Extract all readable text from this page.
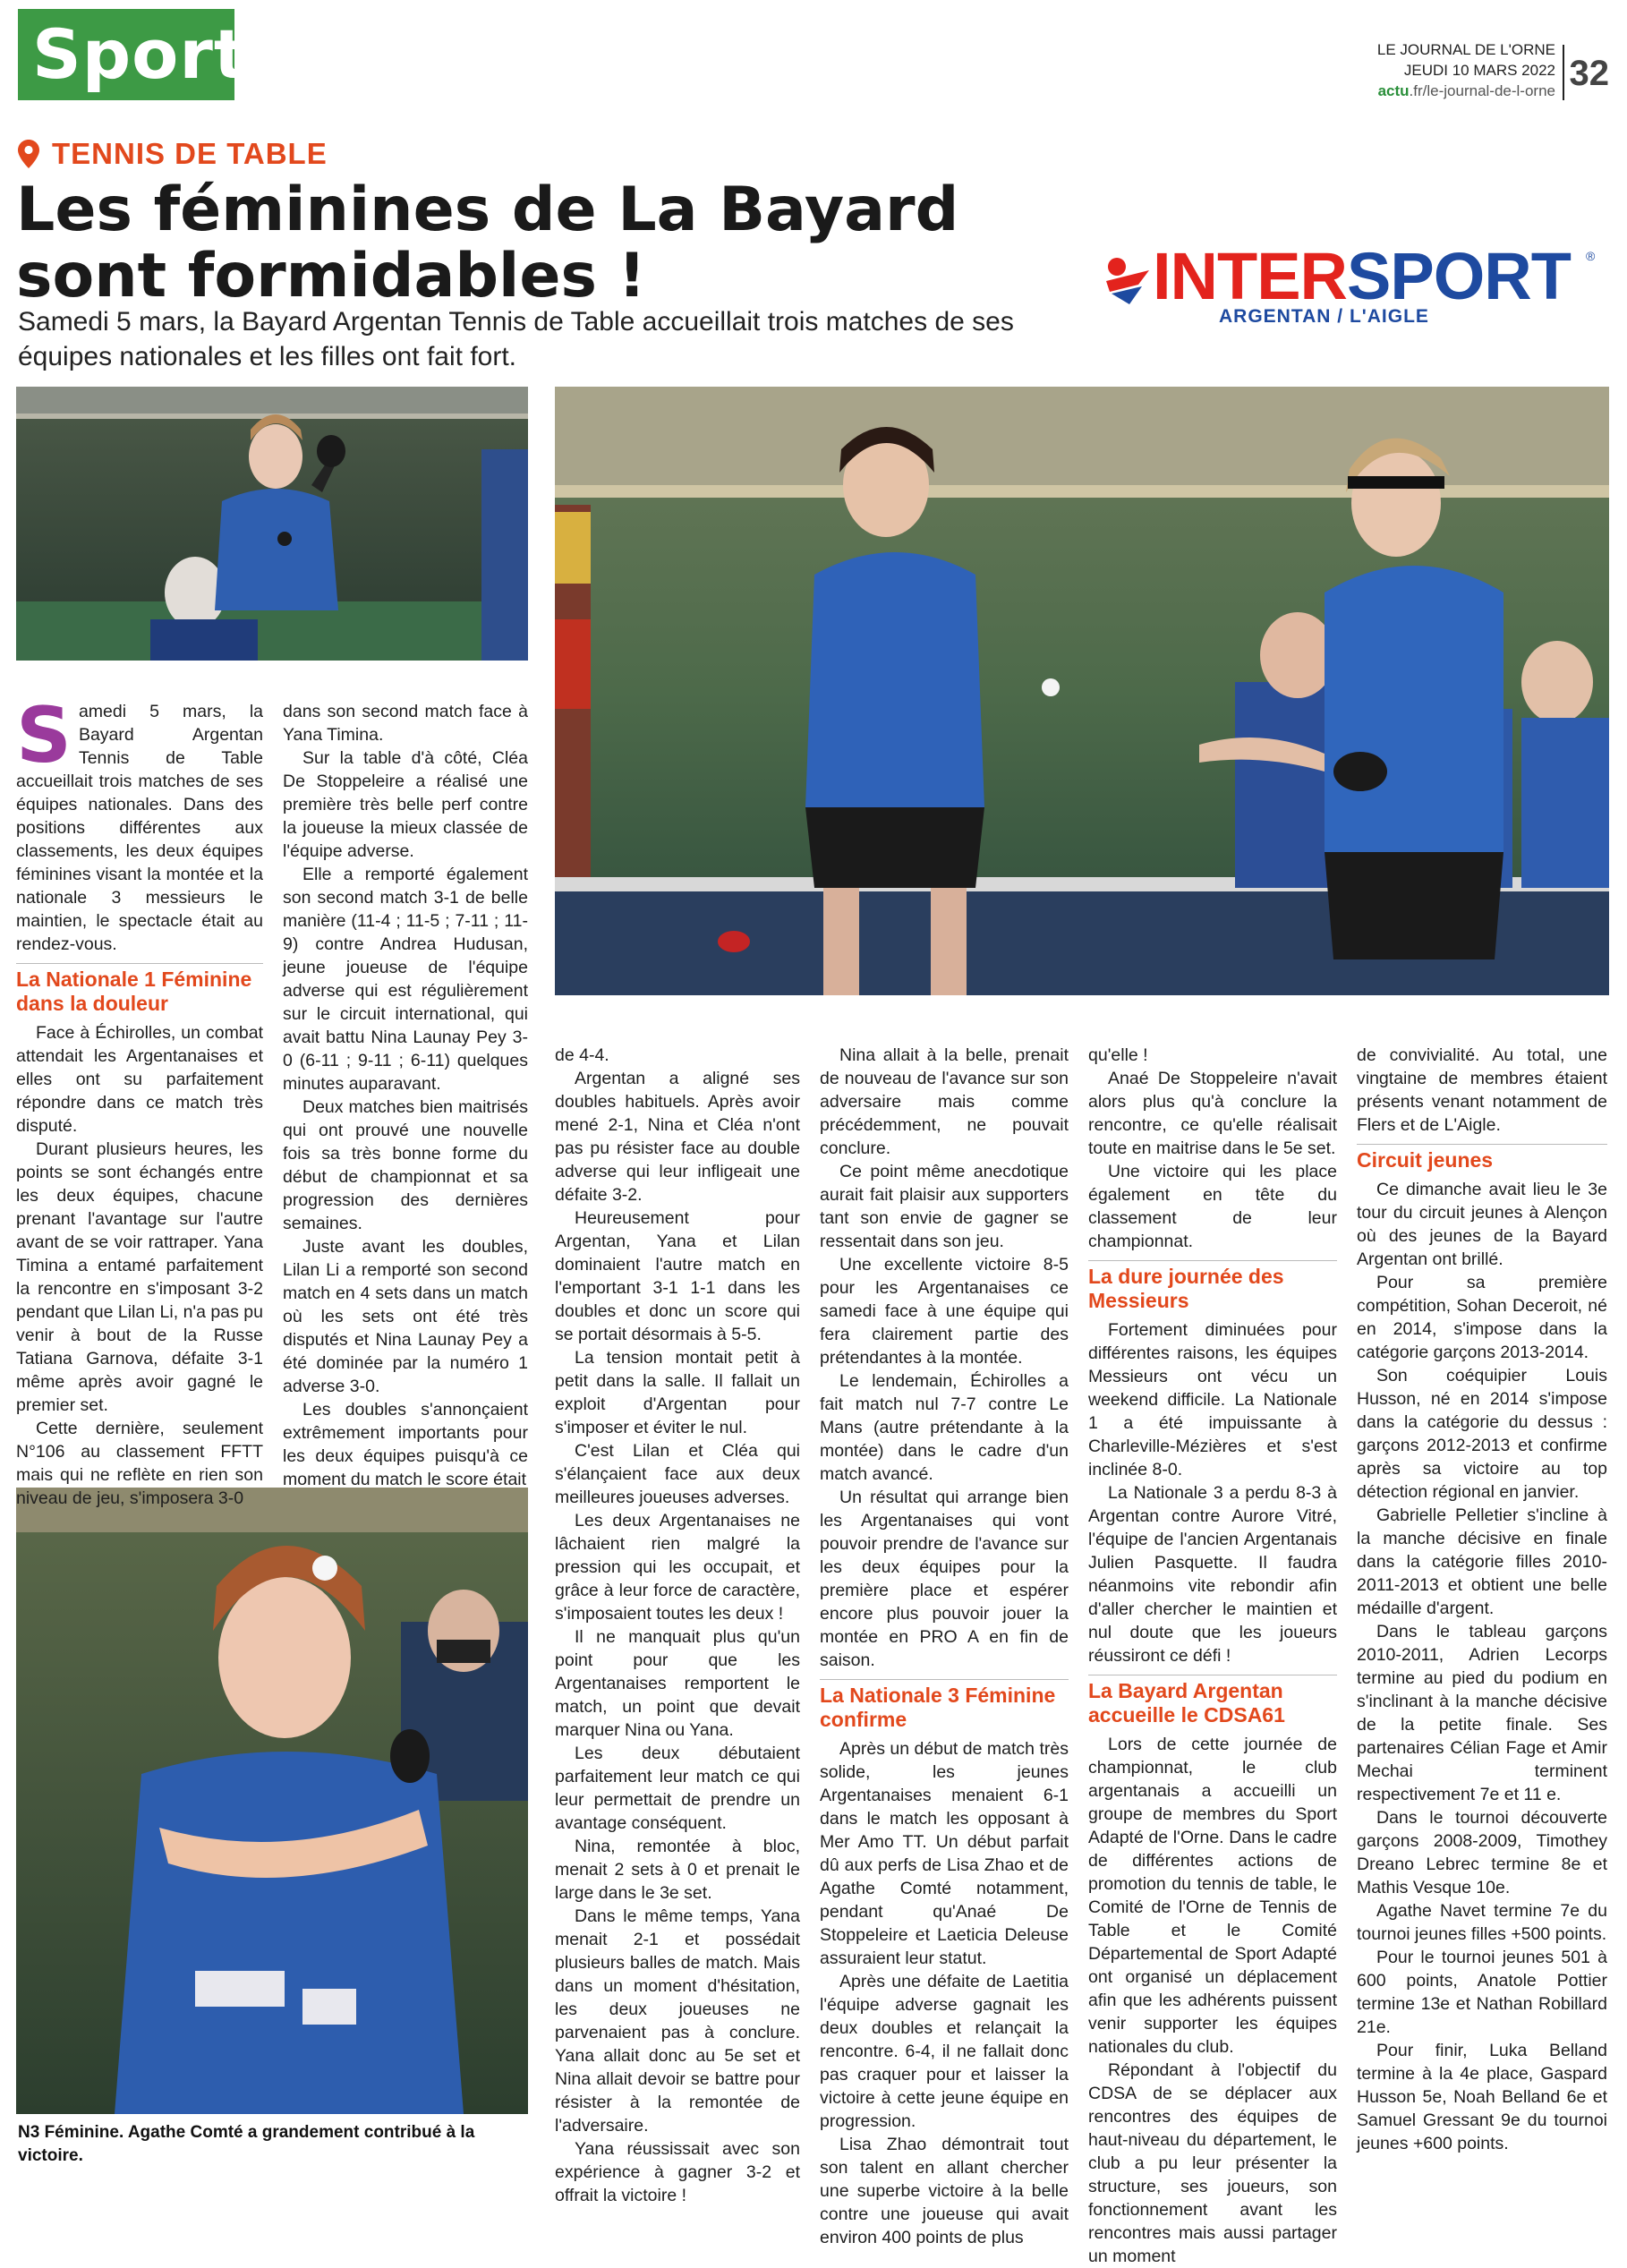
Sport	LE JOURNAL DE L'ORNE
JEUDI 10 MARS 2022
actu.fr/le-journal-de-l-orne 32
TENNIS DE TABLE
Les féminines de La Bayard
sont formidables !
Samedi 5 mars, la Bayard Argentan Tennis de Table accueillait trois matches de ses équipes nationales et les filles ont fait fort.
INTERSPORT ®
ARGENTAN / L'AIGLE
N3 Féminine. Agathe Comté a grandement contribué à la victoire.

Samedi 5 mars, la Bayard Argentan Tennis de Table accueillait trois matches de ses équipes nationales. Dans des positions différentes aux classements, les deux équipes féminines visant la montée et la nationale 3 messieurs le maintien, le spectacle était au rendez-vous.

La Nationale 1 Féminine dans la douleur

Face à Échirolles, un combat attendait les Argentanaises et elles ont su parfaitement répondre dans ce match très disputé.

Durant plusieurs heures, les points se sont échangés entre les deux équipes, chacune prenant l'avantage sur l'autre avant de se voir rattraper. Yana Timina a entamé parfaitement la rencontre en s'imposant 3-2 pendant que Lilan Li, n'a pas pu venir à bout de la Russe Tatiana Garnova, défaite 3-1 même après avoir gagné le premier set.

Cette dernière, seulement N°106 au classement FFTT mais qui ne reflète en rien son niveau de jeu, s'imposera 3-0

dans son second match face à Yana Timina.

Sur la table d'à côté, Cléa De Stoppeleire a réalisé une première très belle perf contre la joueuse la mieux classée de l'équipe adverse.

Elle a remporté également son second match 3-1 de belle manière (11-4 ; 11-5 ; 7-11 ; 11-9) contre Andrea Hudusan, jeune joueuse de l'équipe adverse qui est régulièrement sur le circuit international, qui avait battu Nina Launay Pey 3-0 (6-11 ; 9-11 ; 6-11) quelques minutes auparavant.

Deux matches bien maitrisés qui ont prouvé une nouvelle fois sa très bonne forme du début de championnat et sa progression des dernières semaines.

Juste avant les doubles, Lilan Li a remporté son second match en 4 sets dans un match où les sets ont été très disputés et Nina Launay Pey a été dominée par la numéro 1 adverse 3-0.

Les doubles s'annonçaient extrêmement importants pour les deux équipes puisqu'à ce moment du match le score était

de 4-4.

Argentan a aligné ses doubles habituels. Après avoir mené 2-1, Nina et Cléa n'ont pas pu résister face au double adverse qui leur infligeait une défaite 3-2.

Heureusement pour Argentan, Yana et Lilan dominaient l'autre match en l'emportant 3-1 1-1 dans les doubles et donc un score qui se portait désormais à 5-5.

La tension montait petit à petit dans la salle. Il fallait un exploit d'Argentan pour s'imposer et éviter le nul.

C'est Lilan et Cléa qui s'élançaient face aux deux meilleures joueuses adverses.

Les deux Argentanaises ne lâchaient rien malgré la pression qui les occupait, et grâce à leur force de caractère, s'imposaient toutes les deux !

Il ne manquait plus qu'un point pour que les Argentanaises remportent le match, un point que devait marquer Nina ou Yana.

Les deux débutaient parfaitement leur match ce qui leur permettait de prendre un avantage conséquent.

Nina, remontée à bloc, menait 2 sets à 0 et prenait le large dans le 3e set.

Dans le même temps, Yana menait 2-1 et possédait plusieurs balles de match. Mais dans un moment d'hésitation, les deux joueuses ne parvenaient pas à conclure. Yana allait donc au 5e set et Nina allait devoir se battre pour résister à la remontée de l'adversaire.

Yana réussissait avec son expérience à gagner 3-2 et offrait la victoire !

Nina allait à la belle, prenait de nouveau de l'avance sur son adversaire mais comme précédemment, ne pouvait conclure.

Ce point même anecdotique aurait fait plaisir aux supporters tant son envie de gagner se ressentait dans son jeu.

Une excellente victoire 8-5 pour les Argentanaises ce samedi face à une équipe qui fera clairement partie des prétendantes à la montée.

Le lendemain, Échirolles a fait match nul 7-7 contre Le Mans (autre prétendante à la montée) dans le cadre d'un match avancé.

Un résultat qui arrange bien les Argentanaises qui vont pouvoir prendre de l'avance sur les deux équipes pour la première place et espérer encore plus pouvoir jouer la montée en PRO A en fin de saison.

La Nationale 3 Féminine confirme

Après un début de match très solide, les jeunes Argentanaises menaient 6-1 dans le match les opposant à Mer Amo TT. Un début parfait dû aux perfs de Lisa Zhao et de Agathe Comté notamment, pendant qu'Anaé De Stoppeleire et Laeticia Deleuse assuraient leur statut.

Après une défaite de Laetitia l'équipe adverse gagnait les deux doubles et relançait la rencontre. 6-4, il ne fallait donc pas craquer pour et laisser la victoire à cette jeune équipe en progression.

Lisa Zhao démontrait tout son talent en allant chercher une superbe victoire à la belle contre une joueuse qui avait environ 400 points de plus

qu'elle !

Anaé De Stoppeleire n'avait alors plus qu'à conclure la rencontre, ce qu'elle réalisait toute en maitrise dans le 5e set.

Une victoire qui les place également en tête du classement de leur championnat.

La dure journée des Messieurs

Fortement diminuées pour différentes raisons, les équipes Messieurs ont vécu un weekend difficile. La Nationale 1 a été impuissante à Charleville-Mézières et s'est inclinée 8-0.

La Nationale 3 a perdu 8-3 à Argentan contre Aurore Vitré, l'équipe de l'ancien Argentanais Julien Pasquette. Il faudra néanmoins vite rebondir afin d'aller chercher le maintien et nul doute que les joueurs réussiront ce défi !

La Bayard Argentan accueille le CDSA61

Lors de cette journée de championnat, le club argentanais a accueilli un groupe de membres du Sport Adapté de l'Orne. Dans le cadre de différentes actions de promotion du tennis de table, le Comité de l'Orne de Tennis de Table et le Comité Départemental de Sport Adapté ont organisé un déplacement afin que les adhérents puissent venir supporter les équipes nationales du club.

Répondant à l'objectif du CDSA de se déplacer aux rencontres des équipes de haut-niveau du département, le club a pu leur présenter la structure, ses joueurs, son fonctionnement avant les rencontres mais aussi partager un moment

de convivialité. Au total, une vingtaine de membres étaient présents venant notamment de Flers et de L'Aigle.

Circuit jeunes

Ce dimanche avait lieu le 3e tour du circuit jeunes à Alençon où des jeunes de la Bayard Argentan ont brillé.

Pour sa première compétition, Sohan Deceroit, né en 2014, s'impose dans la catégorie garçons 2013-2014.

Son coéquipier Louis Husson, né en 2014 s'impose dans la catégorie du dessus : garçons 2012-2013 et confirme après sa victoire au top détection régional en janvier.

Gabrielle Pelletier s'incline à la manche décisive en finale dans la catégorie filles 2010-2011-2013 et obtient une belle médaille d'argent.

Dans le tableau garçons 2010-2011, Adrien Lecorps termine au pied du podium en s'inclinant à la manche décisive de la petite finale. Ses partenaires Célian Fage et Amir Mechai terminent respectivement 7e et 11 e.

Dans le tournoi découverte garçons 2008-2009, Timothey Dreano Lebrec termine 8e et Mathis Vesque 10e.

Agathe Navet termine 7e du tournoi jeunes filles +500 points.

Pour le tournoi jeunes 501 à 600 points, Anatole Pottier termine 13e et Nathan Robillard 21e.

Pour finir, Luka Belland termine à la 4e place, Gaspard Husson 5e, Noah Belland 6e et Samuel Gressant 9e du tournoi jeunes +600 points.
